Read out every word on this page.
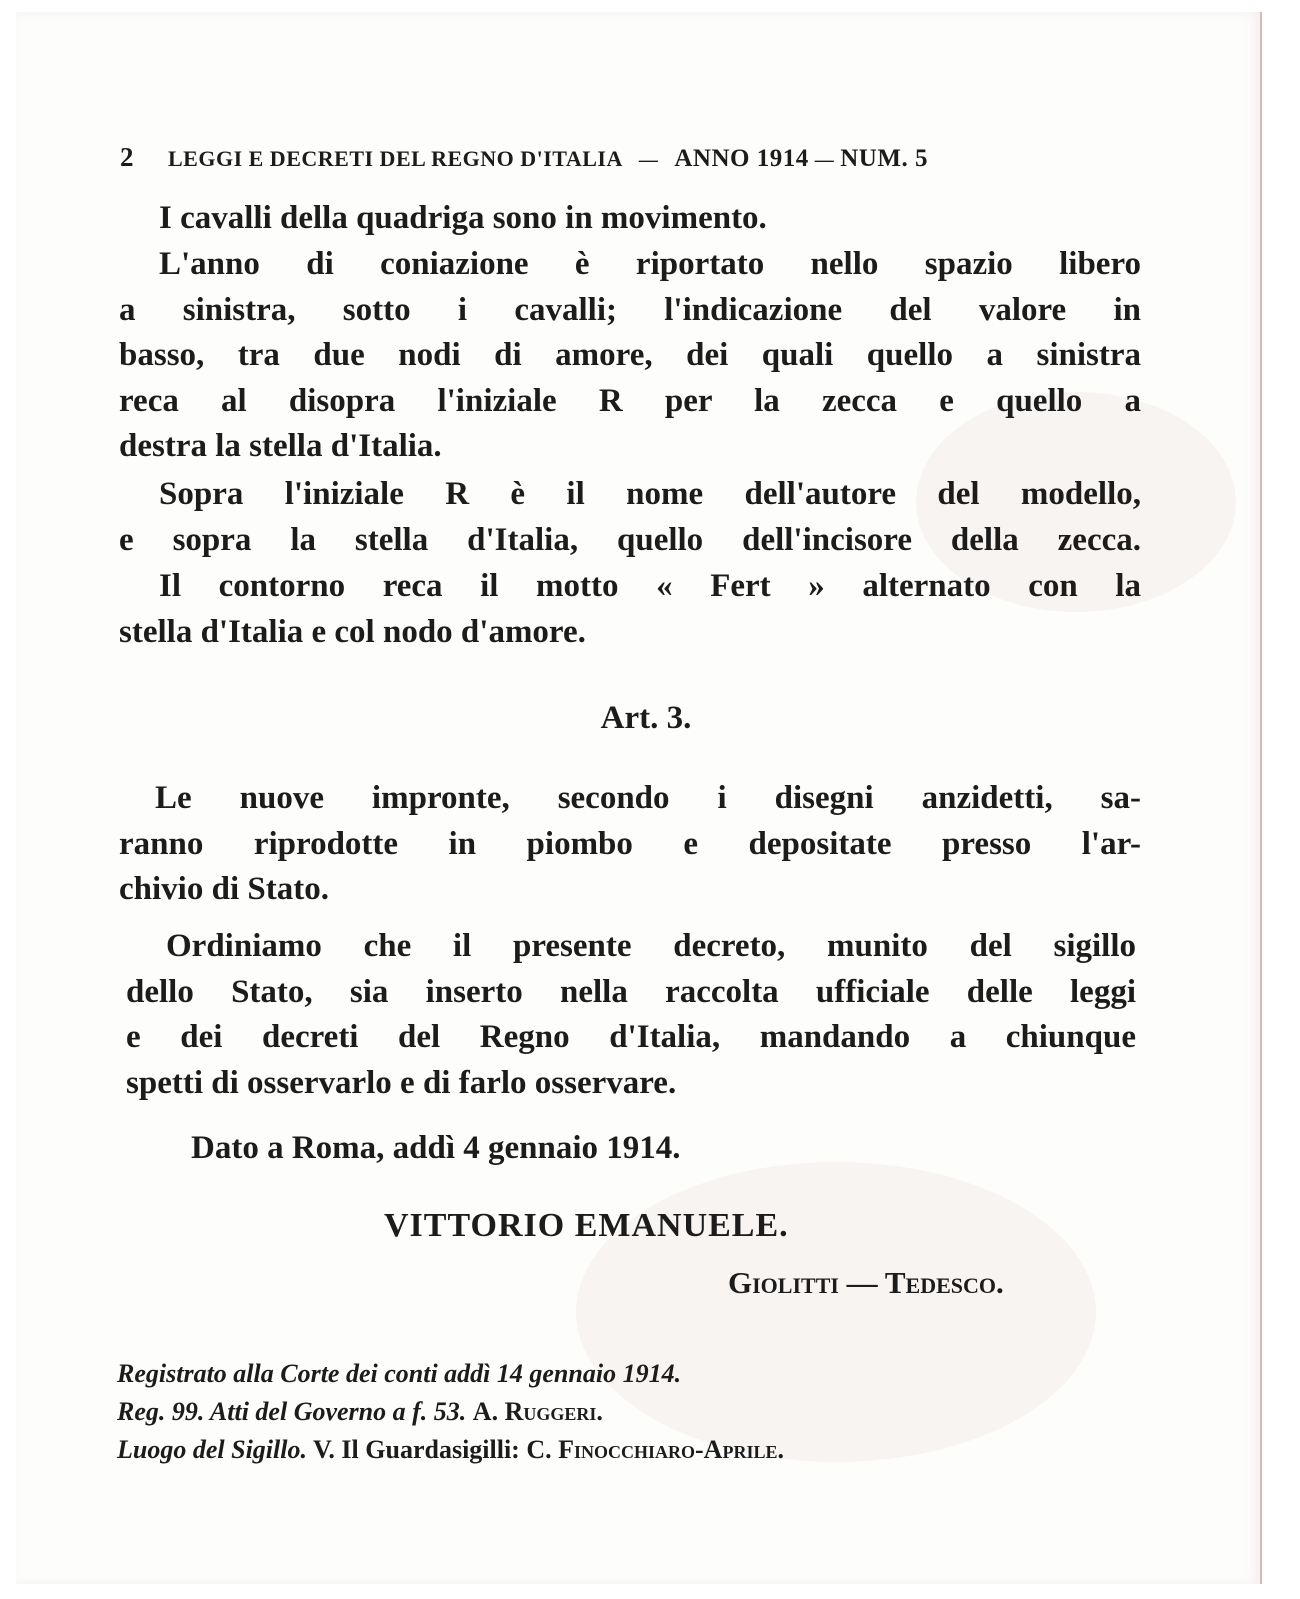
2 LEGGI E DECRETI DEL REGNO D'ITALIA — ANNO 1914 — NUM. 5
I cavalli della quadriga sono in movimento.
L'anno di coniazione è riportato nello spazio libero
a sinistra, sotto i cavalli; l'indicazione del valore in
basso, tra due nodi di amore, dei quali quello a sinistra
reca al disopra l'iniziale R per la zecca e quello a
destra la stella d'Italia.
Sopra l'iniziale R è il nome dell'autore del modello,
e sopra la stella d'Italia, quello dell'incisore della zecca.
Il contorno reca il motto « Fert » alternato con la
stella d'Italia e col nodo d'amore.
Art. 3.
Le nuove impronte, secondo i disegni anzidetti, sa-
ranno riprodotte in piombo e depositate presso l'ar-
chivio di Stato.
Ordiniamo che il presente decreto, munito del sigillo
dello Stato, sia inserto nella raccolta ufficiale delle leggi
e dei decreti del Regno d'Italia, mandando a chiunque
spetti di osservarlo e di farlo osservare.
Dato a Roma, addì 4 gennaio 1914.
VITTORIO EMANUELE.
Giolitti — Tedesco.
Registrato alla Corte dei conti addì 14 gennaio 1914.
Reg. 99. Atti del Governo a f. 53. A. Ruggeri.
Luogo del Sigillo. V. Il Guardasigilli: C. Finocchiaro-Aprile.
